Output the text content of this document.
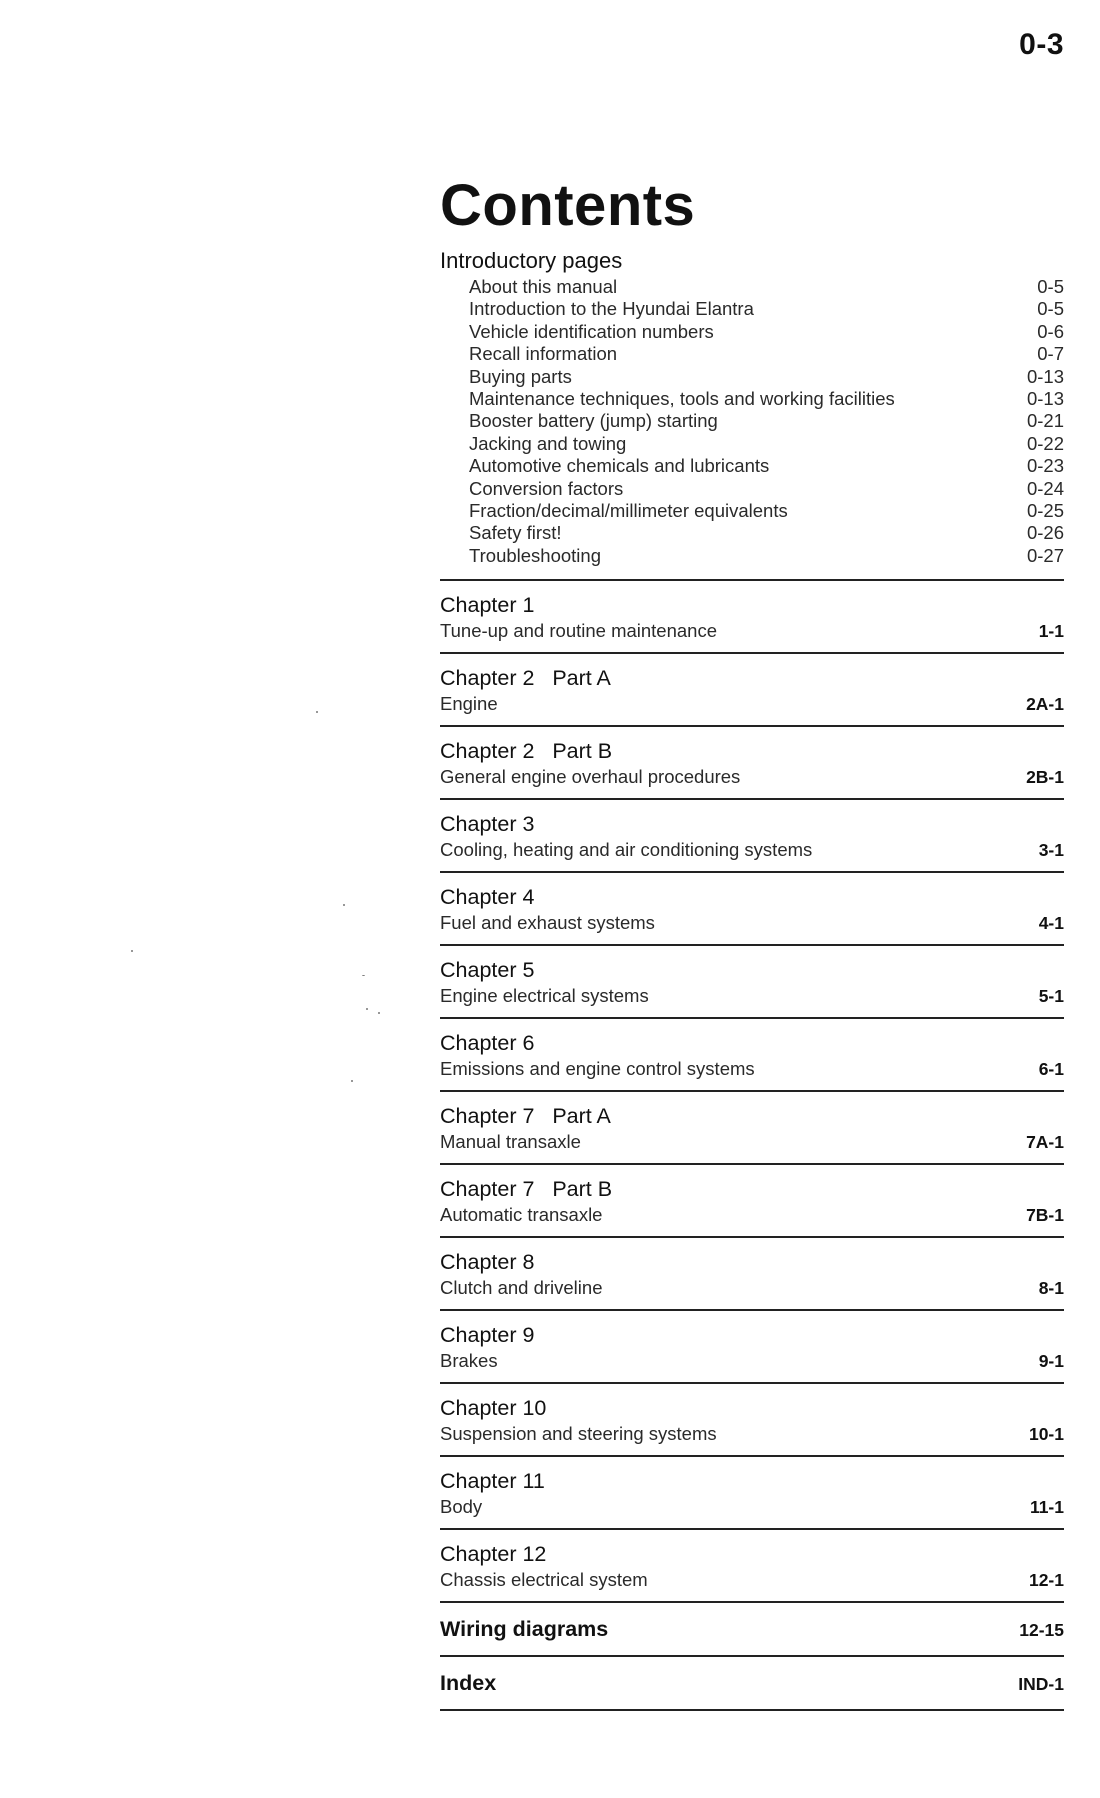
0-3
Contents
Introductory pages
About this manual	0-5
Introduction to the Hyundai Elantra	0-5
Vehicle identification numbers	0-6
Recall information	0-7
Buying parts	0-13
Maintenance techniques, tools and working facilities	0-13
Booster battery (jump) starting	0-21
Jacking and towing	0-22
Automotive chemicals and lubricants	0-23
Conversion factors	0-24
Fraction/decimal/millimeter equivalents	0-25
Safety first!	0-26
Troubleshooting	0-27
Chapter 1
Tune-up and routine maintenance	1-1
Chapter 2   Part A
Engine	2A-1
Chapter 2   Part B
General engine overhaul procedures	2B-1
Chapter 3
Cooling, heating and air conditioning systems	3-1
Chapter 4
Fuel and exhaust systems	4-1
Chapter 5
Engine electrical systems	5-1
Chapter 6
Emissions and engine control systems	6-1
Chapter 7   Part A
Manual transaxle	7A-1
Chapter 7   Part B
Automatic transaxle	7B-1
Chapter 8
Clutch and driveline	8-1
Chapter 9
Brakes	9-1
Chapter 10
Suspension and steering systems	10-1
Chapter 11
Body	11-1
Chapter 12
Chassis electrical system	12-1
Wiring diagrams	12-15
Index	IND-1
